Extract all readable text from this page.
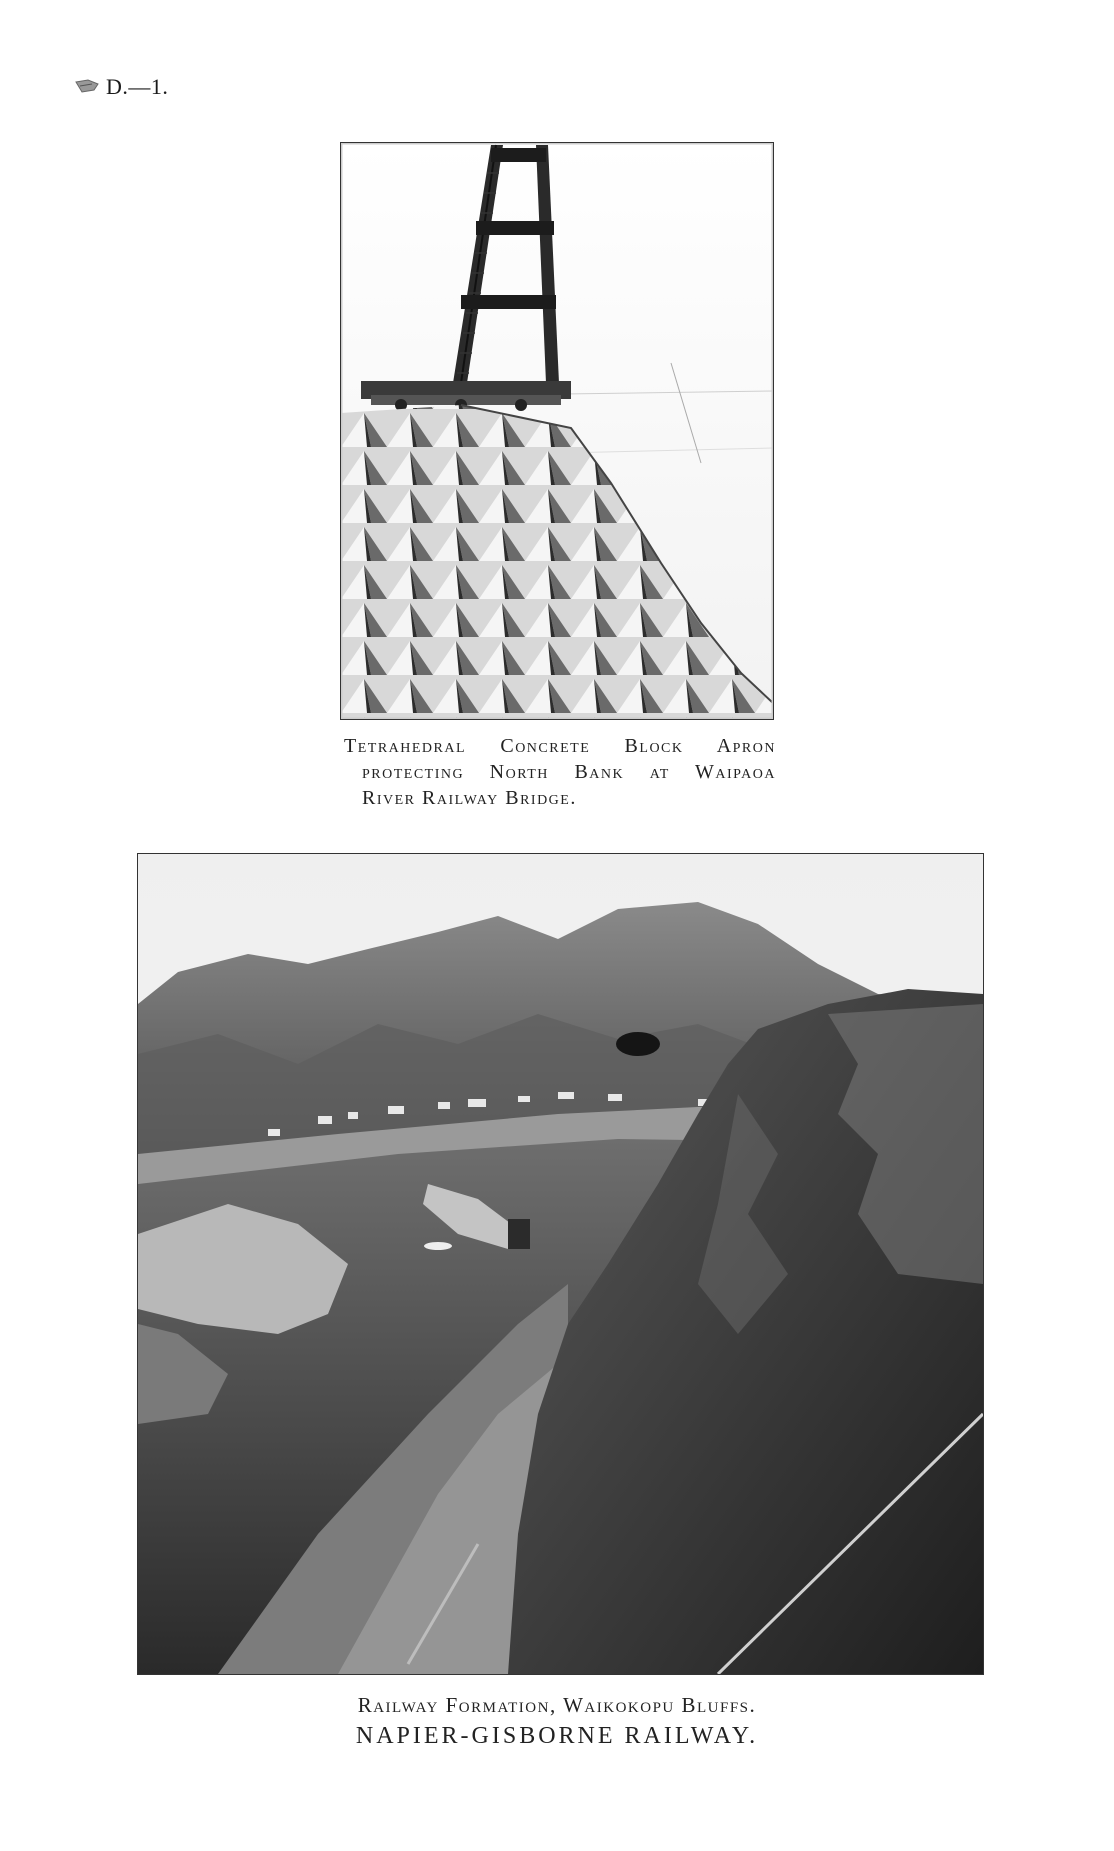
D.—1.
Tetrahedral Concrete Block Apron
protecting North Bank at Waipaoa
River Railway Bridge.
Railway Formation, Waikokopu Bluffs.
NAPIER-GISBORNE RAILWAY.
